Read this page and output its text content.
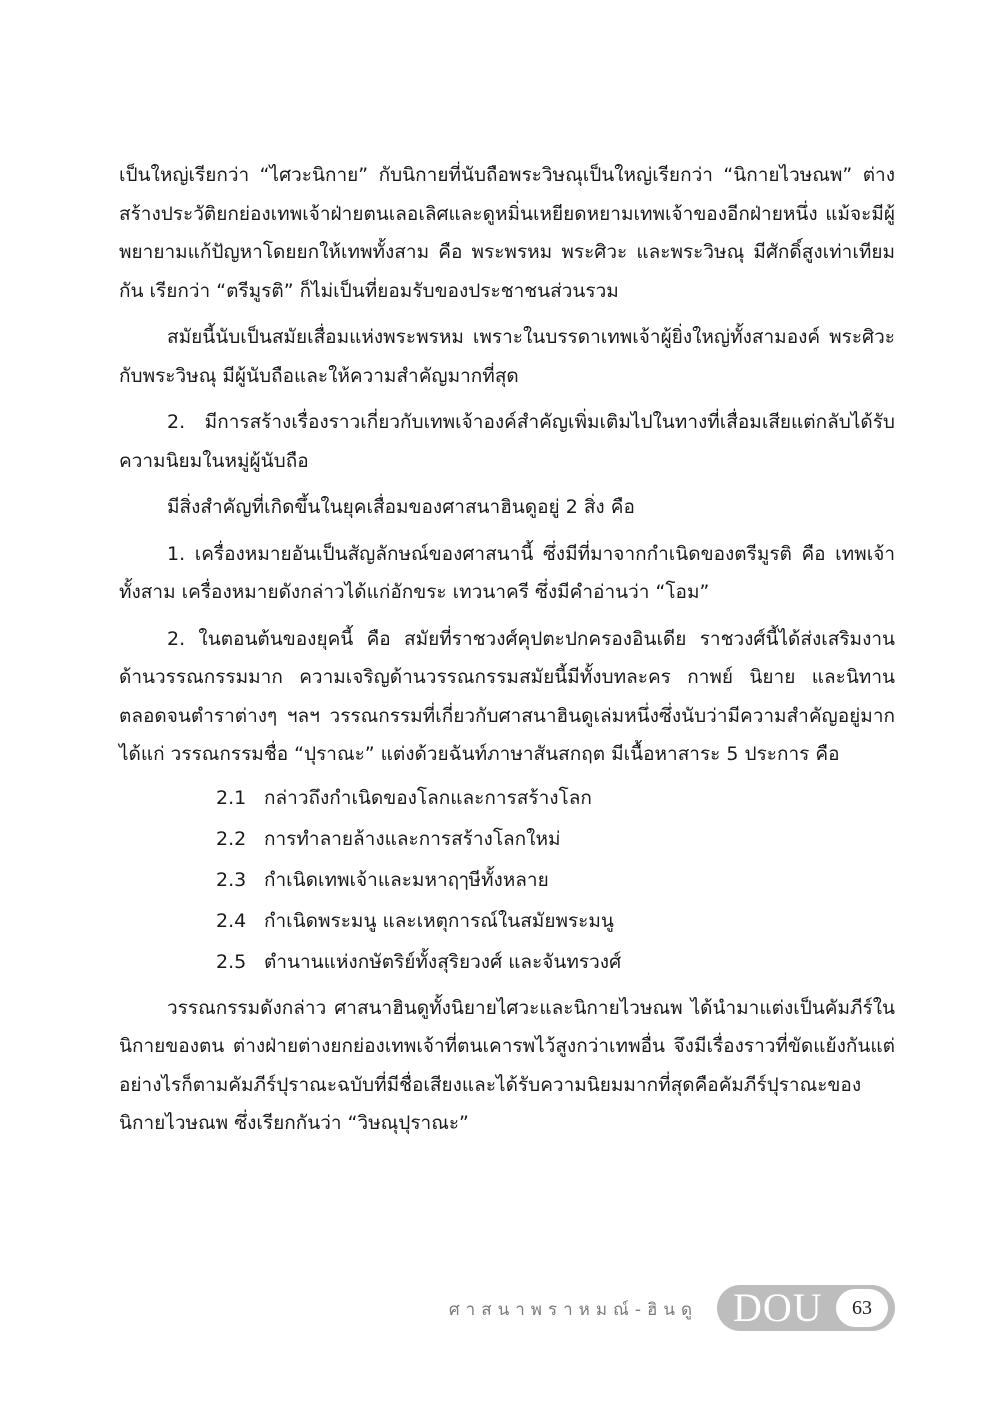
เป็นใหญ่เรียกว่า “ไศวะนิกาย” กับนิกายที่นับถือพระวิษณุเป็นใหญ่เรียกว่า “นิกายไวษณพ” ต่างสร้างประวัติยกย่องเทพเจ้าฝ่ายตนเลอเลิศและดูหมิ่นเหยียดหยามเทพเจ้าของอีกฝ่ายหนึ่ง แม้จะมีผู้พยายามแก้ปัญหาโดยยกให้เทพทั้งสาม คือ พระพรหม พระศิวะ และพระวิษณุ มีศักดิ์สูงเท่าเทียมกัน เรียกว่า “ตรีมูรติ” ก็ไม่เป็นที่ยอมรับของประชาชนส่วนรวม

สมัยนี้นับเป็นสมัยเสื่อมแห่งพระพรหม เพราะในบรรดาเทพเจ้าผู้ยิ่งใหญ่ทั้งสามองค์ พระศิวะกับพระวิษณุ มีผู้นับถือและให้ความสำคัญมากที่สุด

2. มีการสร้างเรื่องราวเกี่ยวกับเทพเจ้าองค์สำคัญเพิ่มเติมไปในทางที่เสื่อมเสียแต่กลับได้รับความนิยมในหมู่ผู้นับถือ

มีสิ่งสำคัญที่เกิดขึ้นในยุคเสื่อมของศาสนาฮินดูอยู่ 2 สิ่ง คือ

1. เครื่องหมายอันเป็นสัญลักษณ์ของศาสนานี้ ซึ่งมีที่มาจากกำเนิดของตรีมูรติ คือ เทพเจ้าทั้งสาม เครื่องหมายดังกล่าวได้แก่อักขระ เทวนาครี ซึ่งมีคำอ่านว่า “โอม”

2. ในตอนต้นของยุคนี้ คือ สมัยที่ราชวงศ์คุปตะปกครองอินเดีย ราชวงศ์นี้ได้ส่งเสริมงานด้านวรรณกรรมมาก ความเจริญด้านวรรณกรรมสมัยนี้มีทั้งบทละคร กาพย์ นิยาย และนิทาน ตลอดจนตำราต่างๆ ฯลฯ วรรณกรรมที่เกี่ยวกับศาสนาฮินดูเล่มหนึ่งซึ่งนับว่ามีความสำคัญอยู่มากได้แก่ วรรณกรรมชื่อ “ปุราณะ” แต่งด้วยฉันท์ภาษาสันสกฤต มีเนื้อหาสาระ 5 ประการ คือ

2.1 กล่าวถึงกำเนิดของโลกและการสร้างโลก

2.2 การทำลายล้างและการสร้างโลกใหม่

2.3 กำเนิดเทพเจ้าและมหาฤๅษีทั้งหลาย

2.4 กำเนิดพระมนู และเหตุการณ์ในสมัยพระมนู

2.5 ตำนานแห่งกษัตริย์ทั้งสุริยวงศ์ และจันทรวงศ์

วรรณกรรมดังกล่าว ศาสนาฮินดูทั้งนิยายไศวะและนิกายไวษณพ ได้นำมาแต่งเป็นคัมภีร์ในนิกายของตน ต่างฝ่ายต่างยกย่องเทพเจ้าที่ตนเคารพไว้สูงกว่าเทพอื่น จึงมีเรื่องราวที่ขัดแย้งกันแต่อย่างไรก็ตามคัมภีร์ปุราณะฉบับที่มีชื่อเสียงและได้รับความนิยมมากที่สุดคือคัมภีร์ปุราณะของนิกายไวษณพ ซึ่งเรียกกันว่า “วิษณุปุราณะ”

ศาสนาพราหมณ์-ฮินดู DOU	63
